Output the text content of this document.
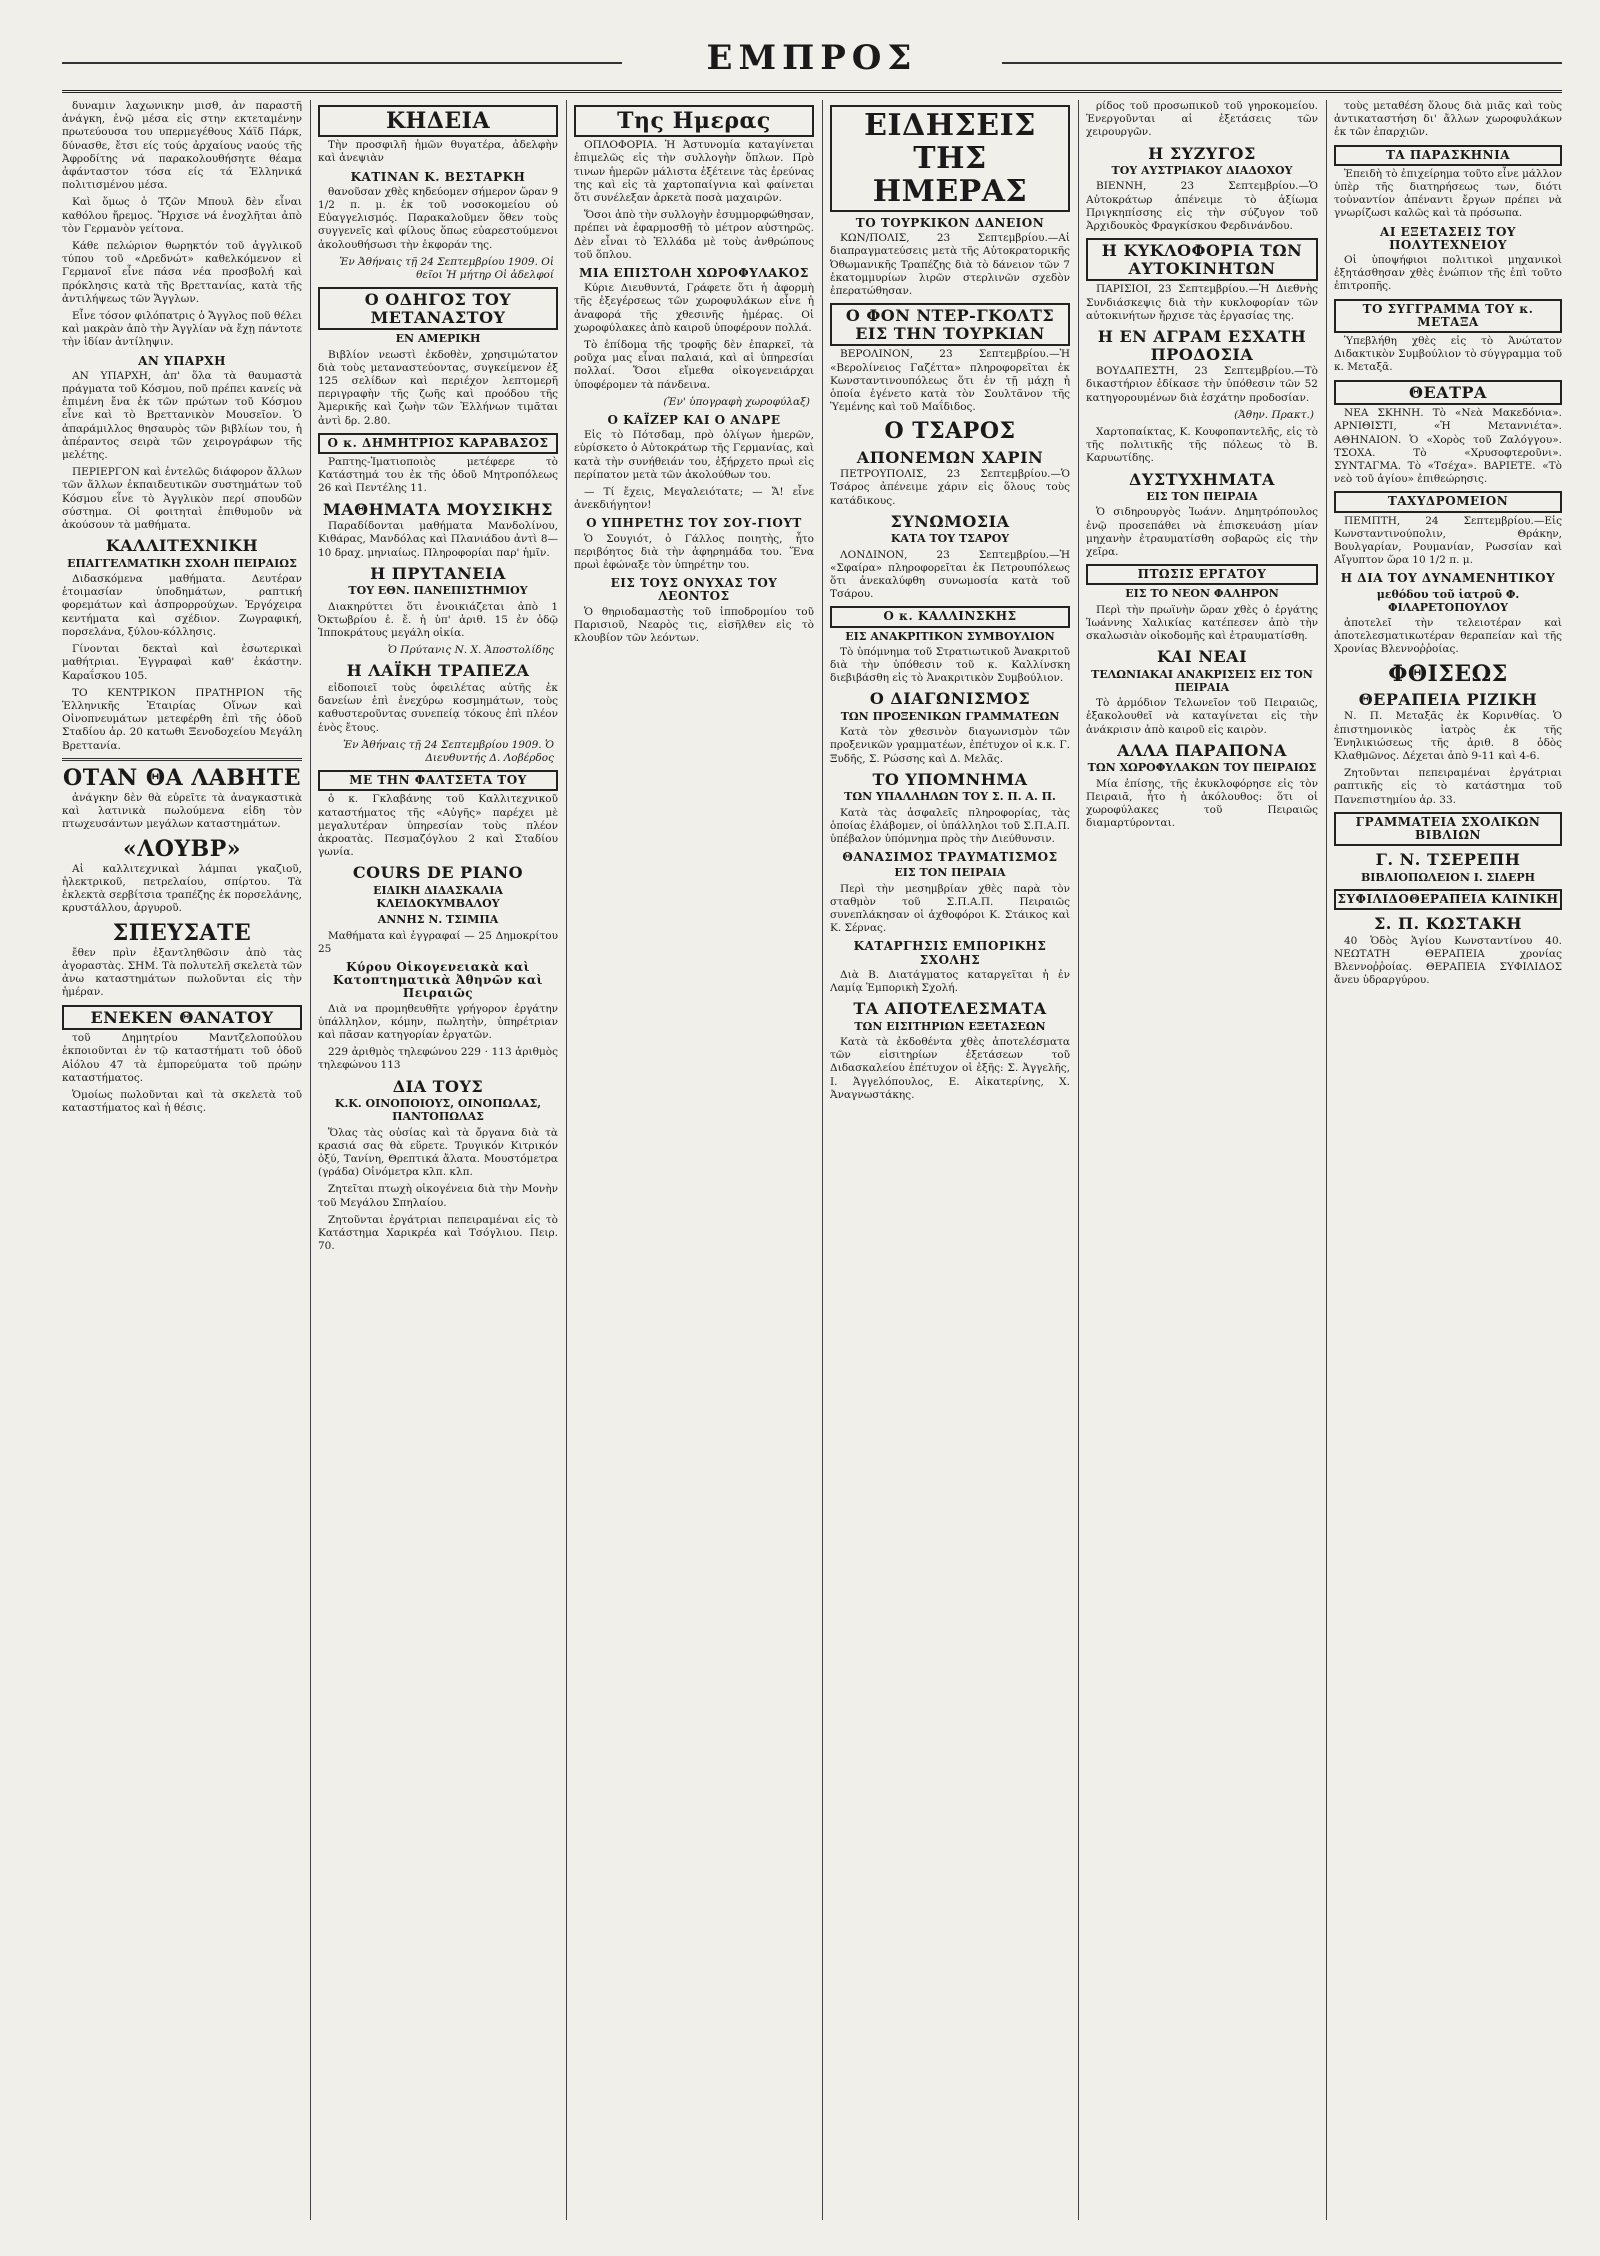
ΕΜΠΡΟΣ

δυναμιν λαχωνικην μισθ, ἀν παραστῆ ἀνάγκη, ἐνῷ μέσα εἰς στην εκτεταμένην πρωτεύουσα του υπερμεγέθους Χάϊδ Πάρκ, δύνασθε, ἔτσι είς τούς ἀρχαίους ναούς τῆς Ἀφροδίτης νά παρακολουθήσητε θέαμα ἀφάνταστον τόσα είς τά Ἑλληνικά πολιτισμένου μέσα.

Καὶ ὅμως ὁ Τζῶν Μπουλ δὲν εἶναι καθόλου ἤρεμος. Ἤρχισε νά ἐνοχλῆται ἀπὸ τὸν Γερμανὸν γείτονα.

Κάθε πελώριον θωρηκτόν τοῦ ἀγγλικοῦ τύπου τοῦ «Δρεδνώτ» καθελκόμενον εἰ Γερμανοῖ εἶνε πάσα νέα προσβολή καὶ πρόκλησις κατὰ τῆς Βρεττανίας, κατὰ τῆς ἀντιλήψεως τῶν Ἄγγλων.

Εἶνε τόσον φιλόπατρις ὁ Ἄγγλος ποῦ θέλει καὶ μακρὰν ἀπὸ τὴν Ἀγγλίαν νὰ ἔχῃ πάντοτε τὴν ἰδίαν ἀντίληψιν.

ΑΝ ΥΠΑΡΧΗ

ΑΝ ΥΠΑΡΧΗ, ἀπ' ὅλα τὰ θαυμαστὰ πράγματα τοῦ Κόσμου, ποῦ πρέπει κανείς νὰ ἐπιμένη ἔνα ἐκ τῶν πρώτων τοῦ Κόσμου εἶνε καὶ τὸ Βρεττανικὸν Μουσεῖον. Ὁ ἀπαράμιλλος θησαυρὸς τῶν βιβλίων του, ἡ ἀπέραντος σειρὰ τῶν χειρογράφων τῆς μελέτης.

ΠΕΡΙΕΡΓΟΝ καὶ ἐντελῶς διάφορον ἄλλων τῶν ἄλλων ἐκπαιδευτικῶν συστημάτων τοῦ Κόσμου εἶνε τὸ Ἀγγλικὸν περί σπουδῶν σύστημα. Οἱ φοιτηταὶ ἐπιθυμοῦν νὰ ἀκούσουν τὰ μαθήματα.

ΚΑΛΛΙΤΕΧΝΙΚΗ
ΕΠΑΓΓΕΛΜΑΤΙΚΗ ΣΧΟΛΗ ΠΕΙΡΑΙΩΣ

Διδασκόμενα μαθήματα. Δευτέραν ἑτοιμασίαν ὑποδημάτων, ραπτική φορεμάτων καὶ ἀσπρορρούχων. Ἐργόχειρα κεντήματα καὶ σχέδιον. Ζωγραφική, πορσελάνα, ξύλου-κόλλησις.

Γίνονται δεκταὶ καὶ ἐσωτερικαὶ μαθήτριαι. Ἐγγραφαὶ καθ' ἑκάστην. Καραΐσκου 105.

ΤΟ ΚΕΝΤΡΙΚΟΝ ΠΡΑΤΗΡΙΟΝ τῆς Ἑλληνικῆς Ἑταιρίας Οἴνων καὶ Οἰνοπνευμάτων μετεφέρθη ἐπὶ τῆς ὁδοῦ Σταδίου ἀρ. 20 κατωθι Ξενοδοχείου Μεγάλη Βρεττανία.

ΟΤΑΝ ΘΑ ΛΑΒΗΤΕ

ἀνάγκην δὲν θὰ εὐρεῖτε τὰ ἀναγκαστικὰ καὶ λατινικὰ πωλούμενα εἰδη τὸν πτωχευσάντων μεγάλων καταστημάτων.

«ΛΟΥΒΡ»

Αἱ καλλιτεχνικαὶ λάμπαι γκαζιοῦ, ἡλεκτρικοῦ, πετρελαίου, σπίρτου. Τὰ ἐκλεκτὰ σερβίτσια τραπέζης ἐκ πορσελάνης, κρυστάλλου, ἀργυροῦ.

ΣΠΕΥΣΑΤΕ

ἔθεν πρὶν ἐξαντληθῶσιν ἀπὸ τὰς ἀγοραστὰς. ΣΗΜ. Τὰ πολυτελῆ σκελετὰ τῶν ἀνω καταστημάτων πωλοῦνται εἰς τὴν ἡμέραν.

ΕΝΕΚΕΝ ΘΑΝΑΤΟΥ

τοῦ Δημητρίου Μαντζελοπούλου ἐκποιοῦνται ἐν τῷ καταστήματι τοῦ ὁδοῦ Αἰόλου 47 τὰ ἐμπορεύματα τοῦ πρώην καταστήματος.

Ὁμοίως πωλοῦνται καὶ τὰ σκελετὰ τοῦ καταστήματος καὶ ἡ θέσις.

ΚΗΔΕΙΑ

Τὴν προσφιλῆ ἡμῶν θυγατέρα, ἀδελφὴν καὶ ἀνεψιὰν

ΚΑΤΙΝΑΝ Κ. ΒΕΣΤΑΡΚΗ

θανοῦσαν χθὲς κηδεύομεν σήμερον ὥραν 9 1/2 π. μ. ἐκ τοῦ νοσοκομείου οὐ Εὐαγγελισμός. Παρακαλοῦμεν ὅθεν τοὺς συγγενεῖς καὶ φίλους ὅπως εὐαρεστούμενοι ἀκολουθήσωσι τὴν ἐκφοράν της.

Ἐν Ἀθήναις τῇ 24 Σεπτεμβρίου 1909. Οἱ θεῖοι Ἡ μήτηρ Οἱ ἀδελφοί
Ο ΟΔΗΓΟΣ ΤΟΥ ΜΕΤΑΝΑΣΤΟΥ
ΕΝ ΑΜΕΡΙΚΗ

Βιβλίον νεωστὶ ἐκδοθὲν, χρησιμώτατον διὰ τοὺς μεταναστεύοντας, συγκείμενον ἐξ 125 σελίδων καὶ περιέχον λεπτομερῆ περιγραφὴν τῆς ζωῆς καὶ προόδου τῆς Ἀμερικῆς καὶ ζωὴν τῶν Ἑλλήνων τιμᾶται ἀντὶ δρ. 2.80.

Ο κ. ΔΗΜΗΤΡΙΟΣ ΚΑΡΑΒΑΣΟΣ

Ραπτης-Ἰματιοποιὸς μετέφερε τὸ Κατάστημά του ἐκ τῆς ὁδοῦ Μητροπόλεως 26 καὶ Πεντέλης 11.

ΜΑΘΗΜΑΤΑ ΜΟΥΣΙΚΗΣ

Παραδίδονται μαθήματα Μανδολίνου, Κιθάρας, Μανδόλας καὶ Πλανιάδου ἀντὶ 8—10 δραχ. μηνιαίως. Πληροφορίαι παρ' ἡμῖν.

Η ΠΡΥΤΑΝΕΙΑ
ΤΟΥ ΕΘΝ. ΠΑΝΕΠΙΣΤΗΜΙΟΥ

Διακηρύττει ὅτι ἐνοικιάζεται ἀπὸ 1 Ὀκτωβρίου ἐ. ἔ. ἡ ὑπ' ἀριθ. 15 ἐν ὁδῷ Ἱπποκράτους μεγάλη οἰκία.

Ὁ Πρύτανις Ν. Χ. Ἀποστολίδης
Η ΛΑΪΚΗ ΤΡΑΠΕΖΑ

εἰδοποιεῖ τοὺς ὀφειλέτας αὐτῆς ἐκ δανείων ἐπὶ ἐνεχύρω κοσμημάτων, τοὺς καθυστεροῦντας συνεπείᾳ τόκους ἐπὶ πλέον ἑνὸς ἔτους.

Ἐν Ἀθήναις τῇ 24 Σεπτεμβρίου 1909. Ὁ Διευθυντής Δ. Λοβέρδος
ΜΕ ΤΗΝ ΦΑΛΤΣΕΤΑ ΤΟΥ

ὁ κ. Γκλαβάνης τοῦ Καλλιτεχνικοῦ καταστήματος τῆς «Αὐγῆς» παρέχει μὲ μεγαλυτέραν ὑπηρεσίαν τοὺς πλέον ἀκροατὰς. Πεσμαζόγλου 2 καὶ Σταδίου γωνία.

COURS DE PIANO
ΕΙΔΙΚΗ ΔΙΔΑΣΚΑΛΙΑ ΚΛΕΙΔΟΚΥΜΒΑΛΟΥ
ΑΝΝΗΣ Ν. ΤΣΙΜΠΑ

Μαθήματα καὶ ἐγγραφαί — 25 Δημοκρίτου 25

Κύρου Οἰκογενειακὰ καὶ Κατοπτηματικὰ Ἀθηνῶν καὶ Πειραιῶς

Διὰ να προμηθευθῆτε γρήγορον ἐργάτην ὑπάλληλον, κόμην, πωλητὴν, ὑπηρέτριαν καὶ πᾶσαν κατηγορίαν ἐργατῶν.

229 ἀριθμὸς τηλεφώνου 229 · 113 ἀριθμὸς τηλεφώνου 113

ΔΙΑ ΤΟΥΣ
Κ.Κ. ΟΙΝΟΠΟΙΟΥΣ, ΟΙΝΟΠΩΛΑΣ, ΠΑΝΤΟΠΩΛΑΣ

Ὅλας τὰς οὐσίας καὶ τὰ ὄργανα διὰ τὰ κρασιά σας θὰ εὕρετε. Τρυγικόν Κιτρικόν ὀξύ, Τανίνη, Θρεπτικά ἄλατα. Μουστόμετρα (γράδα) Οἰνόμετρα κλπ. κλπ.

Ζητεῖται πτωχὴ οἰκογένεια διὰ τὴν Μονὴν τοῦ Μεγάλου Σπηλαίου.

Ζητοῦνται ἐργάτριαι πεπειραμέναι εἰς τὸ Κατάστημα Χαρικρέα καὶ Τσόγλιου. Πειρ. 70.

Της Ημερας

ΟΠΛΟΦΟΡΙΑ. Ἡ Ἀστυνομία καταγίνεται ἐπιμελῶς εἰς τὴν συλλογὴν ὅπλων. Πρὸ τινων ἡμερῶν μάλιστα ἐξέτεινε τὰς ἐρεύνας της καὶ εἰς τὰ χαρτοπαίγνια καὶ φαίνεται ὅτι συνέλεξαν ἀρκετὰ ποσὰ μαχαιρῶν.

Ὅσοι ἀπὸ τὴν συλλογὴν ἐσυμμορφώθησαν, πρέπει νὰ ἐφαρμοσθῇ τὸ μέτρον αὐστηρῶς. Δὲν εἶναι τὸ Ἑλλάδα μὲ τοὺς ἀνθρώπους τοῦ ὅπλου.

ΜΙΑ ΕΠΙΣΤΟΛΗ ΧΩΡΟΦΥΛΑΚΟΣ

Κύριε Διευθυντά, Γράφετε ὅτι ἡ ἀφορμὴ τῆς ἐξεγέρσεως τῶν χωροφυλάκων εἶνε ἡ ἀναφορά τῆς χθεσινῆς ἡμέρας. Οἱ χωροφύλακες ἀπὸ καιροῦ ὑποφέρουν πολλά.

Τὸ ἐπίδομα τῆς τροφῆς δὲν ἐπαρκεῖ, τὰ ροῦχα μας εἶναι παλαιά, καὶ αἱ ὑπηρεσίαι πολλαί. Ὅσοι εἴμεθα οἰκογενειάρχαι ὑποφέρομεν τὰ πάνδεινα.

(Ἐν' ὑπογραφὴ χωροφύλαξ)
Ο ΚΑΪΖΕΡ ΚΑΙ Ο ΑΝΔΡΕ

Εἰς τὸ Πότσδαμ, πρὸ ὀλίγων ἡμερῶν, εὑρίσκετο ὁ Αὐτοκράτωρ τῆς Γερμανίας, καὶ κατὰ τὴν συνήθειάν του, ἐξήρχετο πρωὶ εἰς περίπατον μετὰ τῶν ἀκολούθων του.

— Τί ἔχεις, Μεγαλειότατε; — Ἄ! εἶνε ἀνεκδιήγητον!

Ο ΥΠΗΡΕΤΗΣ ΤΟΥ ΣΟΥ-ΓΙΟΥΤ

Ὁ Σουγιότ, ὁ Γάλλος ποιητὴς, ἦτο περιβόητος διὰ τὴν ἀφηρημάδα του. Ἕνα πρωὶ ἐφώναξε τὸν ὑπηρέτην του.

ΕΙΣ ΤΟΥΣ ΟΝΥΧΑΣ ΤΟΥ ΛΕΟΝΤΟΣ

Ὁ θηριοδαμαστὴς τοῦ ἰπποδρομίου τοῦ Παρισιοῦ, Νεαρὸς τις, εἰσῆλθεν εἰς τὸ κλουβίον τῶν λεόντων.

ΕΙΔΗΣΕΙΣ ΤΗΣ ΗΜΕΡΑΣ
ΤΟ ΤΟΥΡΚΙΚΟΝ ΔΑΝΕΙΟΝ

ΚΩΝ/ΠΟΛΙΣ, 23 Σεπτεμβρίου.—Αἱ διαπραγματεύσεις μετὰ τῆς Αὐτοκρατορικῆς Ὀθωμανικῆς Τραπέζης διὰ τὸ δάνειον τῶν 7 ἑκατομμυρίων λιρῶν στερλινῶν σχεδὸν ἐπερατώθησαν.

Ο ΦΟΝ ΝΤΕΡ-ΓΚΟΛΤΣ ΕΙΣ ΤΗΝ ΤΟΥΡΚΙΑΝ

ΒΕΡΟΛΙΝΟΝ, 23 Σεπτεμβρίου.—Ἡ «Βερολίνειος Γαζέττα» πληροφορεῖται ἐκ Κωνσταντινουπόλεως ὅτι ἐν τῇ μάχῃ ἡ ὁποία ἐγένετο κατὰ τὸν Σουλτᾶνον τῆς Ὑεμένης καὶ τοῦ Μαΐδιδος.

Ο ΤΣΑΡΟΣ
ΑΠΟΝΕΜΩΝ ΧΑΡΙΝ

ΠΕΤΡΟΥΠΟΛΙΣ, 23 Σεπτεμβρίου.—Ὁ Τσάρος ἀπένειμε χάριν εἰς ὅλους τοὺς κατάδικους.

ΣΥΝΩΜΟΣΙΑ
ΚΑΤΑ ΤΟΥ ΤΣΑΡΟΥ

ΛΟΝΔΙΝΟΝ, 23 Σεπτεμβρίου.—Ἡ «Σφαίρα» πληροφορεῖται ἐκ Πετρουπόλεως ὅτι ἀνεκαλύφθη συνωμοσία κατὰ τοῦ Τσάρου.

Ο κ. ΚΑΛΛΙΝΣΚΗΣ
ΕΙΣ ΑΝΑΚΡΙΤΙΚΟΝ ΣΥΜΒΟΥΛΙΟΝ

Τὸ ὑπόμνημα τοῦ Στρατιωτικοῦ Ἀνακριτοῦ διὰ τὴν ὑπόθεσιν τοῦ κ. Καλλίνσκη διεβιβάσθη εἰς τὸ Ἀνακριτικὸν Συμβούλιον.

Ο ΔΙΑΓΩΝΙΣΜΟΣ
ΤΩΝ ΠΡΟΞΕΝΙΚΩΝ ΓΡΑΜΜΑΤΕΩΝ

Κατὰ τὸν χθεσινὸν διαγωνισμὸν τῶν προξενικῶν γραμματέων, ἐπέτυχον οἱ κ.κ. Γ. Ξυδῆς, Σ. Ρώσσης καὶ Δ. Μελᾶς.

ΤΟ ΥΠΟΜΝΗΜΑ
ΤΩΝ ΥΠΑΛΛΗΛΩΝ ΤΟΥ Σ. Π. Α. Π.

Κατὰ τὰς ἀσφαλεῖς πληροφορίας, τὰς ὁποίας ἐλάβομεν, οἱ ὑπάλληλοι τοῦ Σ.Π.Α.Π. ὑπέβαλον ὑπόμνημα πρὸς τὴν Διεύθυνσιν.

ΘΑΝΑΣΙΜΟΣ ΤΡΑΥΜΑΤΙΣΜΟΣ
ΕΙΣ ΤΟΝ ΠΕΙΡΑΙΑ

Περὶ τὴν μεσημβρίαν χθὲς παρὰ τὸν σταθμὸν τοῦ Σ.Π.Α.Π. Πειραιῶς συνεπλάκησαν οἱ ἀχθοφόροι Κ. Στάικος καὶ Κ. Σέρνας.

ΚΑΤΑΡΓΗΣΙΣ ΕΜΠΟΡΙΚΗΣ ΣΧΟΛΗΣ

Διὰ Β. Διατάγματος καταργεῖται ἡ ἐν Λαμίᾳ Ἐμπορικὴ Σχολή.

ΤΑ ΑΠΟΤΕΛΕΣΜΑΤΑ
ΤΩΝ ΕΙΣΙΤΗΡΙΩΝ ΕΞΕΤΑΣΕΩΝ

Κατὰ τὰ ἐκδοθέντα χθὲς ἀποτελέσματα τῶν εἰσιτηρίων ἐξετάσεων τοῦ Διδασκαλείου ἐπέτυχον οἱ ἑξῆς: Σ. Ἀγγελῆς, Ι. Ἀγγελόπουλος, Ε. Αἰκατερίνης, Χ. Ἀναγνωστάκης.

ρίδος τοῦ προσωπικοῦ τοῦ γηροκομείου. Ἐνεργοῦνται αἱ ἐξετάσεις τῶν χειρουργῶν.

Η ΣΥΖΥΓΟΣ
ΤΟΥ ΑΥΣΤΡΙΑΚΟΥ ΔΙΑΔΟΧΟΥ

ΒΙΕΝΝΗ, 23 Σεπτεμβρίου.—Ὁ Αὐτοκράτωρ ἀπένειμε τὸ ἀξίωμα Πριγκηπίσσης εἰς τὴν σύζυγον τοῦ Ἀρχιδουκὸς Φραγκίσκου Φερδινάνδου.

Η ΚΥΚΛΟΦΟΡΙΑ ΤΩΝ ΑΥΤΟΚΙΝΗΤΩΝ

ΠΑΡΙΣΙΟΙ, 23 Σεπτεμβρίου.—Ἡ Διεθνὴς Συνδιάσκεψις διὰ τὴν κυκλοφορίαν τῶν αὐτοκινήτων ἤρχισε τὰς ἐργασίας της.

Η ΕΝ ΑΓΡΑΜ ΕΣΧΑΤΗ ΠΡΟΔΟΣΙΑ

ΒΟΥΔΑΠΕΣΤΗ, 23 Σεπτεμβρίου.—Τὸ δικαστήριον ἐδίκασε τὴν ὑπόθεσιν τῶν 52 κατηγορουμένων διὰ ἐσχάτην προδοσίαν.

(Ἀθην. Πρακτ.)

Χαρτοπαίκτας, Κ. Κουφοπαντελῆς, εἰς τὸ τῆς πολιτικῆς τῆς πόλεως τὸ Β. Καρυωτίδης.

ΔΥΣΤΥΧΗΜΑΤΑ
ΕΙΣ ΤΟΝ ΠΕΙΡΑΙΑ

Ὁ σιδηρουργὸς Ἰωάνν. Δημητρόπουλος ἐνῷ προσεπάθει νὰ ἐπισκευάσῃ μίαν μηχανὴν ἐτραυματίσθη σοβαρῶς εἰς τὴν χεῖρα.

ΠΤΩΣΙΣ ΕΡΓΑΤΟΥ
ΕΙΣ ΤΟ ΝΕΟΝ ΦΑΛΗΡΟΝ

Περὶ τὴν πρωϊνὴν ὥραν χθὲς ὁ ἐργάτης Ἰωάννης Χαλικίας κατέπεσεν ἀπὸ τὴν σκαλωσιὰν οἰκοδομῆς καὶ ἐτραυματίσθη.

ΚΑΙ ΝΕΑΙ
ΤΕΛΩΝΙΑΚΑΙ ΑΝΑΚΡΙΣΕΙΣ ΕΙΣ ΤΟΝ ΠΕΙΡΑΙΑ

Τὸ ἀρμόδιον Τελωνεῖον τοῦ Πειραιῶς, ἐξακολουθεῖ νὰ καταγίνεται εἰς τὴν ἀνάκρισιν ἀπὸ καιροῦ εἰς καιρὸν.

ΑΛΛΑ ΠΑΡΑΠΟΝΑ
ΤΩΝ ΧΩΡΟΦΥΛΑΚΩΝ ΤΟΥ ΠΕΙΡΑΙΩΣ

Μία ἐπίσης, τῆς ἐκυκλοφόρησε εἰς τὸν Πειραιᾶ, ἦτο ἡ ἀκόλουθος: ὅτι οἱ χωροφύλακες τοῦ Πειραιῶς διαμαρτύρονται.

τοὺς μεταθέση ὅλους διὰ μιᾶς καὶ τοὺς ἀντικαταστήση δι' ἄλλων χωροφυλάκων ἐκ τῶν ἐπαρχιῶν.

ΤΑ ΠΑΡΑΣΚΗΝΙΑ

Ἐπειδὴ τὸ ἐπιχείρημα τοῦτο εἶνε μάλλον ὑπὲρ τῆς διατηρήσεως των, διότι τοὐναντίον ἀπέναντι ἔργων πρέπει νὰ γνωρίζωσι καλῶς καὶ τὰ πρόσωπα.

ΑΙ ΕΞΕΤΑΣΕΙΣ ΤΟΥ ΠΟΛΥΤΕΧΝΕΙΟΥ

Οἱ ὑποψήφιοι πολιτικοὶ μηχανικοὶ ἐξητάσθησαν χθὲς ἐνώπιον τῆς ἐπὶ τοῦτο ἐπιτροπῆς.

ΤΟ ΣΥΓΓΡΑΜΜΑ ΤΟΥ κ. ΜΕΤΑΞΑ

Ὑπεβλήθη χθὲς εἰς τὸ Ἀνώτατον Διδακτικὸν Συμβούλιον τὸ σύγγραμμα τοῦ κ. Μεταξᾶ.

ΘΕΑΤΡΑ

ΝΕΑ ΣΚΗΝΗ. Τὸ «Νεὰ Μακεδόνια». ΑΡΝΙΘΙΣΤΙ, «Ἡ Μεταννιέτα». ΑΘΗΝΑΙΟΝ. Ὁ «Χορὸς τοῦ Ζαλόγγου». ΤΣΟΧΑ. Τὸ «Χρυσοφτεροῦνι». ΣΥΝΤΑΓΜΑ. Τὸ «Τσέχα». ΒΑΡΙΕΤΕ. «Τὸ νεὸ τοῦ ἀγίου» ἐπιθεώρησις.

ΤΑΧΥΔΡΟΜΕΙΟΝ

ΠΕΜΠΤΗ, 24 Σεπτεμβρίου.—Εἰς Κωνσταντινούπολιν, Θράκην, Βουλγαρίαν, Ρουμανίαν, Ρωσσίαν καὶ Αἴγυπτον ὥρα 10 1/2 π. μ.

Η ΔΙΑ ΤΟΥ ΔΥΝΑΜΕΝΗΤΙΚΟΥ
μεθόδου τοῦ ἰατροῦ Φ. ΦΙΛΑΡΕΤΟΠΟΥΛΟΥ

ἀποτελεῖ τὴν τελειοτέραν καὶ ἀποτελεσματικωτέραν θεραπείαν καὶ τῆς Χρονίας Βλεννοῤῥοίας.

ΦΘΙΣΕΩΣ
ΘΕΡΑΠΕΙΑ ΡΙΖΙΚΗ

Ν. Π. Μεταξᾶς ἐκ Κορινθίας. Ὁ ἐπιστημονικὸς ἰατρὸς ἐκ τῆς Ἐνηλικιώσεως τῆς ἀριθ. 8 ὁδὸς Κλαθμῶνος. Δέχεται ἀπὸ 9-11 καὶ 4-6.

Ζητοῦνται πεπειραμέναι ἐργάτριαι ραπτικῆς εἰς τὸ κατάστημα τοῦ Πανεπιστημίου ἀρ. 33.

ΓΡΑΜΜΑΤΕΙΑ ΣΧΟΛΙΚΩΝ ΒΙΒΛΙΩΝ
Γ. Ν. ΤΣΕΡΕΠΗ
ΒΙΒΛΙΟΠΩΛΕΙΟΝ Ι. ΣΙΔΕΡΗ
ΣΥΦΙΛΙΔΟΘΕΡΑΠΕΙΑ ΚΛΙΝΙΚΗ
Σ. Π. ΚΩΣΤΑΚΗ

40 Ὁδὸς Ἁγίου Κωνσταντίνου 40. ΝΕΩΤΑΤΗ ΘΕΡΑΠΕΙΑ χρονίας Βλεννοῤῥοίας. ΘΕΡΑΠΕΙΑ ΣΥΦΙΛΙΔΟΣ ἄνευ ὑδραργύρου.
